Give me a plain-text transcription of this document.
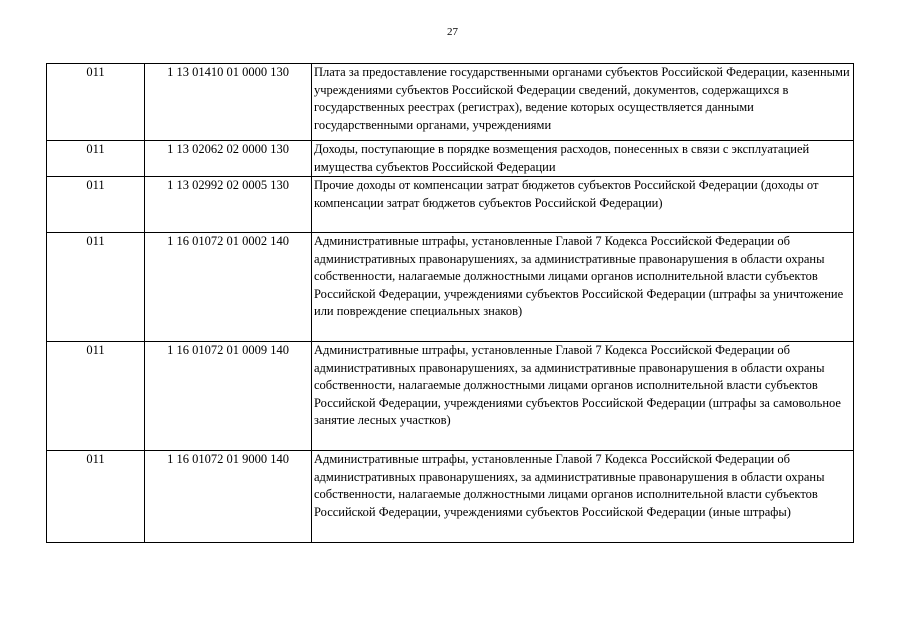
27
011	1 13 01410 01 0000 130	Плата за предоставление государственными органами субъектов Российской Федерации, казенными учреждениями субъектов Российской Федерации сведений, документов, содержащихся в государственных реестрах (регистрах), ведение которых осуществляется данными государственными органами, учреждениями
011	1 13 02062 02 0000 130	Доходы, поступающие в порядке возмещения расходов, понесенных в связи с эксплуатацией имущества субъектов Российской Федерации
011	1 13 02992 02 0005 130	Прочие доходы от компенсации затрат бюджетов субъектов Российской Федерации (доходы от компенсации затрат бюджетов субъектов Российской Федерации)
011	1 16 01072 01 0002 140	Административные штрафы, установленные Главой 7 Кодекса Российской Федерации об административных правонарушениях, за административные правонарушения в области охраны собственности, налагаемые должностными лицами органов исполнительной власти субъектов Российской Федерации, учреждениями субъектов Российской Федерации (штрафы за уничтожение или повреждение специальных знаков)
011	1 16 01072 01 0009 140	Административные штрафы, установленные Главой 7 Кодекса Российской Федерации об административных правонарушениях, за административные правонарушения в области охраны собственности, налагаемые должностными лицами органов исполнительной власти субъектов Российской Федерации, учреждениями субъектов Российской Федерации (штрафы за самовольное занятие лесных участков)
011	1 16 01072 01 9000 140	Административные штрафы, установленные Главой 7 Кодекса Российской Федерации об административных правонарушениях, за административные правонарушения в области охраны собственности, налагаемые должностными лицами органов исполнительной власти субъектов Российской Федерации, учреждениями субъектов Российской Федерации (иные штрафы)
